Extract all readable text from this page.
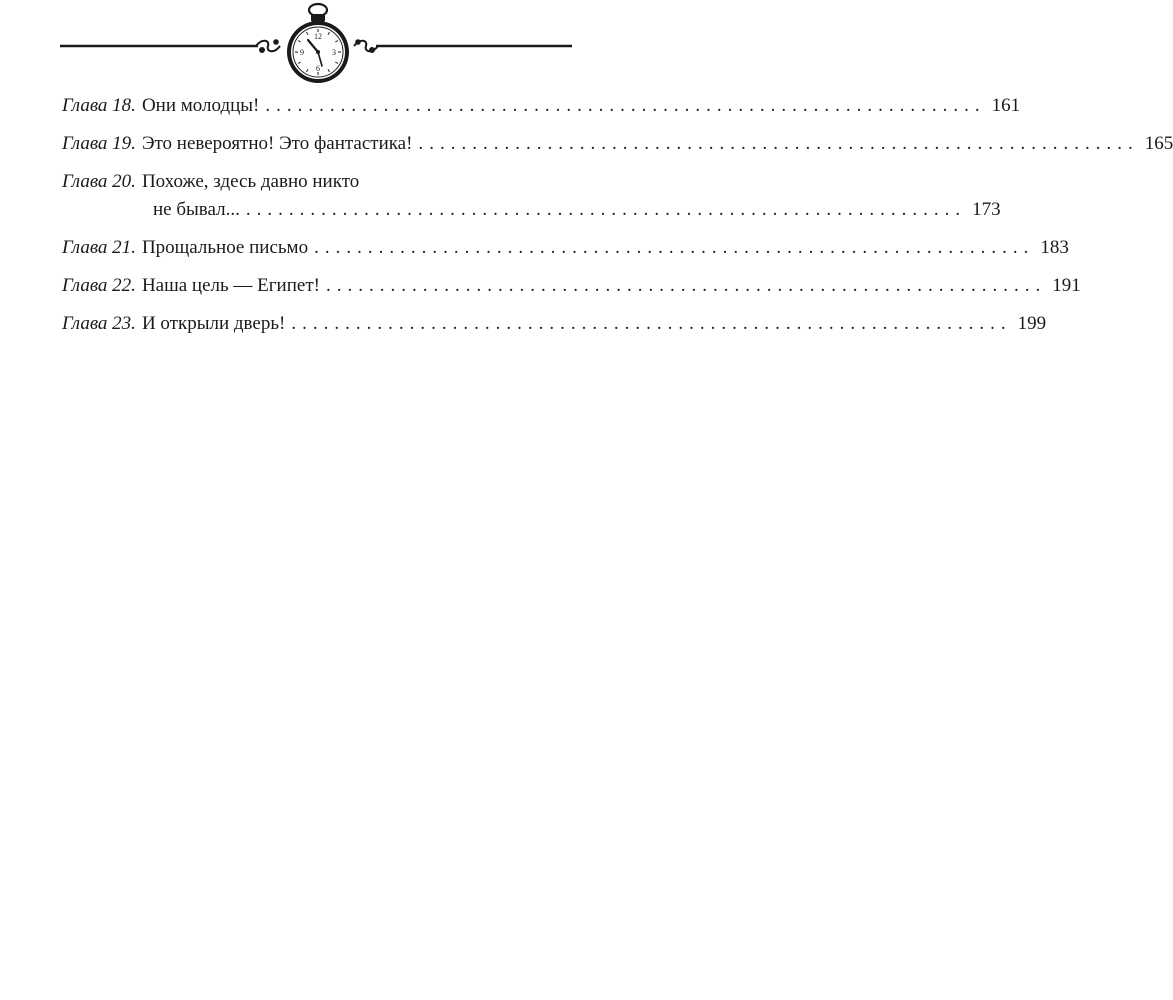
12
3
6
9
Глава 18. Они молодцы! ................................................................... 161
Глава 19. Это невероятно! Это фантастика! ................................................................... 165
Глава 20. Похоже, здесь давно никто
не бывал... ................................................................... 173
Глава 21. Прощальное письмо ................................................................... 183
Глава 22. Наша цель — Египет! ................................................................... 191
Глава 23. И открыли дверь! ................................................................... 199
